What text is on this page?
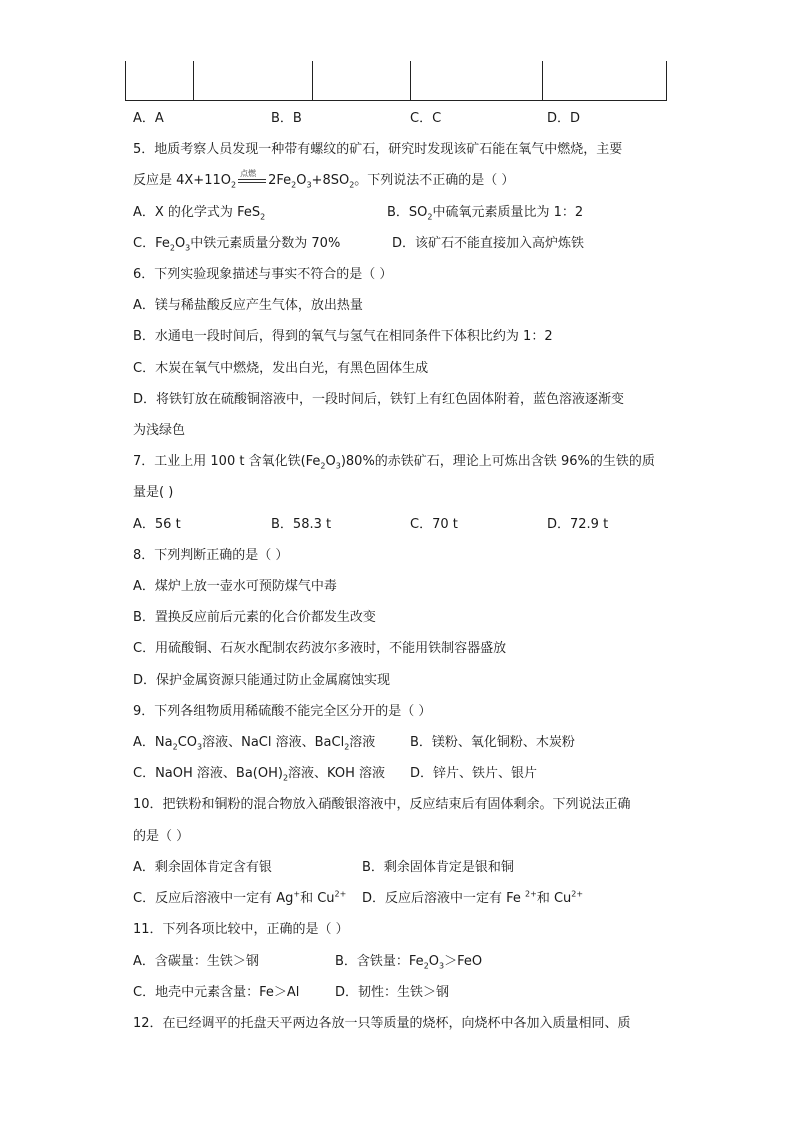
A．A	B．B	C．C	D．D
5．地质考察人员发现一种带有螺纹的矿石，研究时发现该矿石能在氧气中燃烧，主要
反应是 $4X+11O_2$
点燃 $2Fe_2O_3+8SO_2$。下列说法不正确的是（ ）
A．X 的化学式为 FeS$_2$	B．$SO_2$中硫氧元素质量比为 1：2
C．$Fe_2O_3$中铁元素质量分数为 70%	D．该矿石不能直接加入高炉炼铁
6．下列实验现象描述与事实不符合的是（ ）
A．镁与稀盐酸反应产生气体，放出热量
B．水通电一段时间后，得到的氧气与氢气在相同条件下体积比约为 1：2
C．木炭在氧气中燃烧，发出白光，有黑色固体生成
D．将铁钉放在硫酸铜溶液中，一段时间后，铁钉上有红色固体附着，蓝色溶液逐渐变
为浅绿色
7．工业上用 100 t 含氧化铁$(Fe_2O_3)80\%$的赤铁矿石，理论上可炼出含铁 96%的生铁的质
量是( )
A．56 t	B．58.3 t	C．70 t	D．72.9 t
8．下列判断正确的是（ ）
A．煤炉上放一壶水可预防煤气中毒
B．置换反应前后元素的化合价都发生改变
C．用硫酸铜、石灰水配制农药波尔多液时，不能用铁制容器盛放
D．保护金属资源只能通过防止金属腐蚀实现
9．下列各组物质用稀硫酸不能完全区分开的是（ ）
A．$Na_2CO_3$溶液、NaCl 溶液、BaCl$_2$溶液	B．镁粉、氧化铜粉、木炭粉
C．NaOH 溶液、$Ba(OH)_2$溶液、KOH 溶液 D．锌片、铁片、银片
10．把铁粉和铜粉的混合物放入硝酸银溶液中，反应结束后有固体剩余。下列说法正确
的是（ ）
A．剩余固体肯定含有银	B．剩余固体肯定是银和铜
C．反应后溶液中一定有 Ag+和 $Cu^{2+}$ D．反应后溶液中一定有 Fe $^{2+}$和 $Cu^{2+}$
11．下列各项比较中，正确的是（ ）
A．含碳量：生铁＞钢	B．含铁量：$Fe_2O_3>FeO$
C．地壳中元素含量：Fe＞Al	D．韧性：生铁＞钢
12．在已经调平的托盘天平两边各放一只等质量的烧杯，向烧杯中各加入质量相同、质
